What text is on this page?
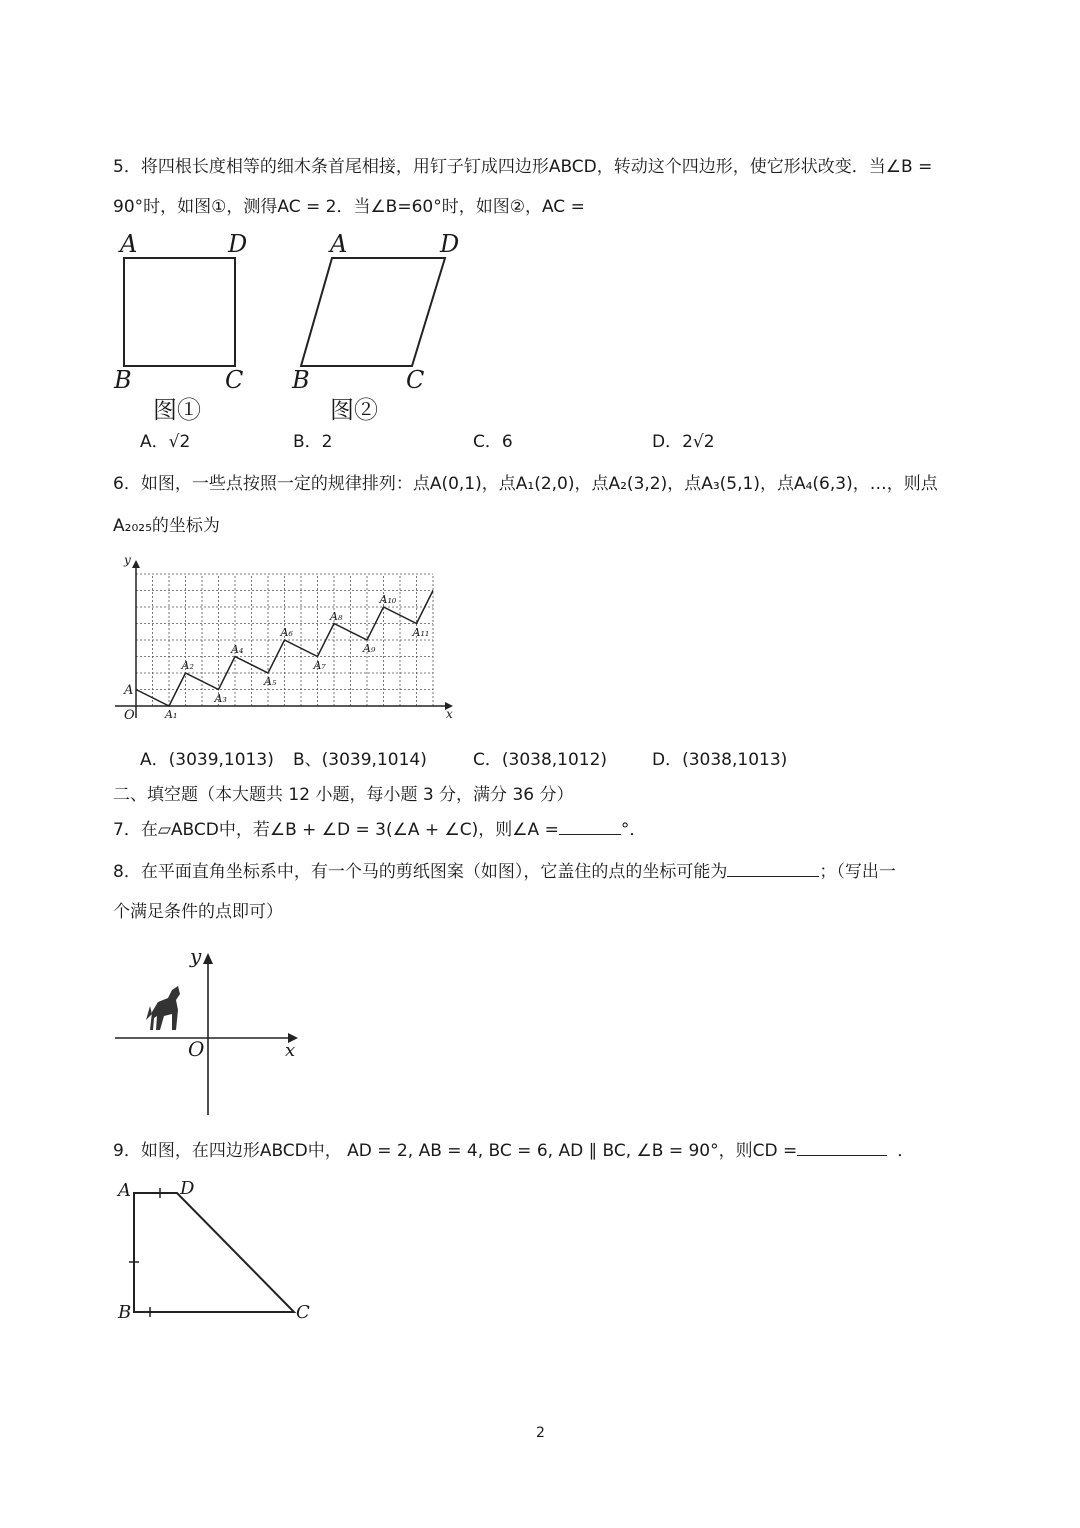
5．将四根长度相等的细木条首尾相接，用钉子钉成四边形ABCD，转动这个四边形，使它形状改变．当∠B =
90°时，如图①，测得AC = 2．当∠B=60°时，如图②，AC =
A	D
B	C
图①
A	D
B	C
图②
A．√2	B．2	C．6	D．2√2
6．如图，一些点按照一定的规律排列：点A(0,1)，点A₁(2,0)，点A₂(3,2)，点A₃(5,1)，点A₄(6,3)，…，则点
A₂₀₂₅的坐标为
y
x
O
A
A₁
A₂
A₃
A₄
A₅
A₆
A₇
A₈
A₉
A₁₀
A₁₁
A．(3039,1013) B、(3039,1014)	C．(3038,1012)	D．(3038,1013)
二、填空题（本大题共 12 小题，每小题 3 分，满分 36 分）
7．在▱ABCD中，若∠B + ∠D = 3(∠A + ∠C)，则∠A =	°．
8．在平面直角坐标系中，有一个马的剪纸图案（如图），它盖住的点的坐标可能为	；（写出一
个满足条件的点即可）
y
x
O
9．如图，在四边形ABCD中， AD = 2, AB = 4, BC = 6, AD ∥ BC, ∠B = 90°，则CD =	．
A	D
B	C
2
